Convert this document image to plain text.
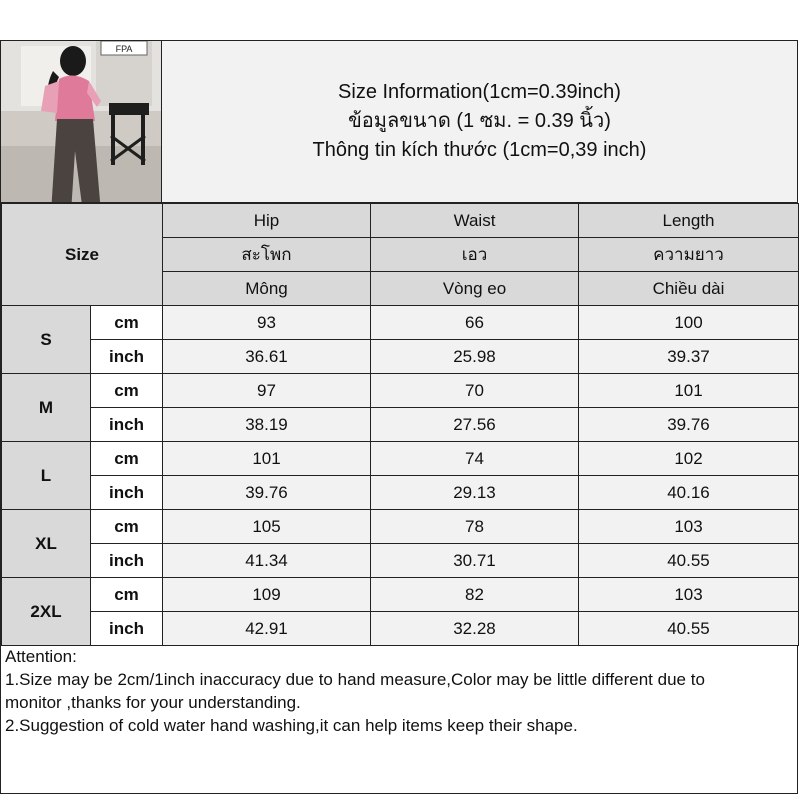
FPA
Size Information(1cm=0.39inch)
ข้อมูลขนาด (1 ซม. = 0.39 นิ้ว)
Thông tin kích thước (1cm=0,39 inch)
Size		Hip	Waist	Length
		สะโพก	เอว	ความยาว
		Mông	Vòng eo	Chiều dài
S	cm	93	66	100
	inch	36.61	25.98	39.37
M	cm	97	70	101
	inch	38.19	27.56	39.76
L	cm	101	74	102
	inch	39.76	29.13	40.16
XL	cm	105	78	103
	inch	41.34	30.71	40.55
2XL	cm	109	82	103
	inch	42.91	32.28	40.55
Attention:
1.Size may be 2cm/1inch inaccuracy due to hand measure,Color may be little different due to
monitor ,thanks for your understanding.
2.Suggestion of cold water hand washing,it can help items keep their shape.
